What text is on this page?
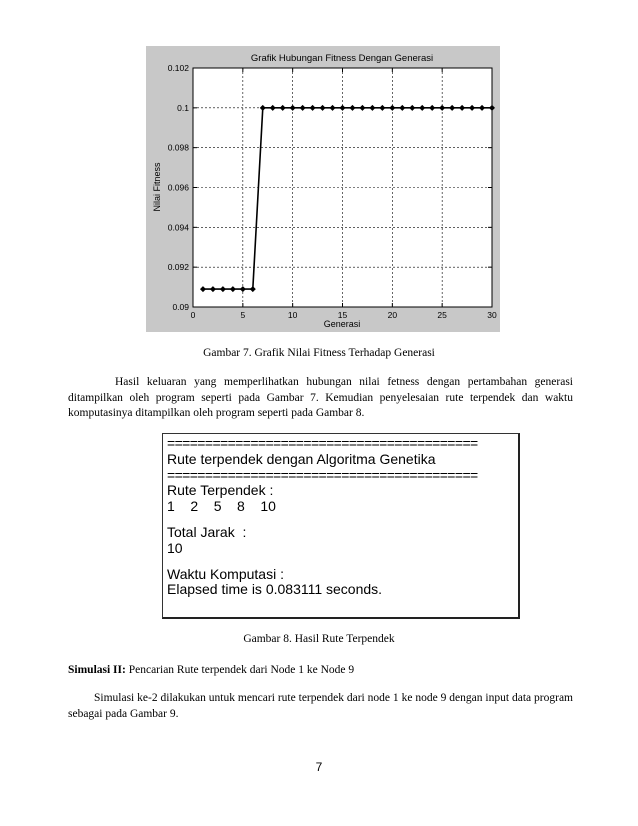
0.09
0.092
0.094
0.096
0.098
0.1
0.102
0	5	10	15	20	25	30
Grafik Hubungan Fitness Dengan Generasi
Generasi
Nilai Fitness
Gambar 7. Grafik Nilai Fitness Terhadap Generasi
Hasil keluaran yang memperlihatkan hubungan nilai fetness dengan pertambahan generasi ditampilkan oleh program seperti pada Gambar 7. Kemudian penyelesaian rute terpendek dan waktu komputasinya ditampilkan oleh program seperti pada Gambar 8.
=========================================
Rute terpendek dengan Algoritma Genetika
=========================================
Rute Terpendek :
1    2    5    8    10
Total Jarak  :
10
Waktu Komputasi :
Elapsed time is 0.083111 seconds.
Gambar 8. Hasil Rute Terpendek
Simulasi II: Pencarian Rute terpendek dari Node 1 ke Node 9
Simulasi ke-2 dilakukan untuk mencari rute terpendek dari node 1 ke node 9 dengan input data program sebagai pada Gambar 9.
7
